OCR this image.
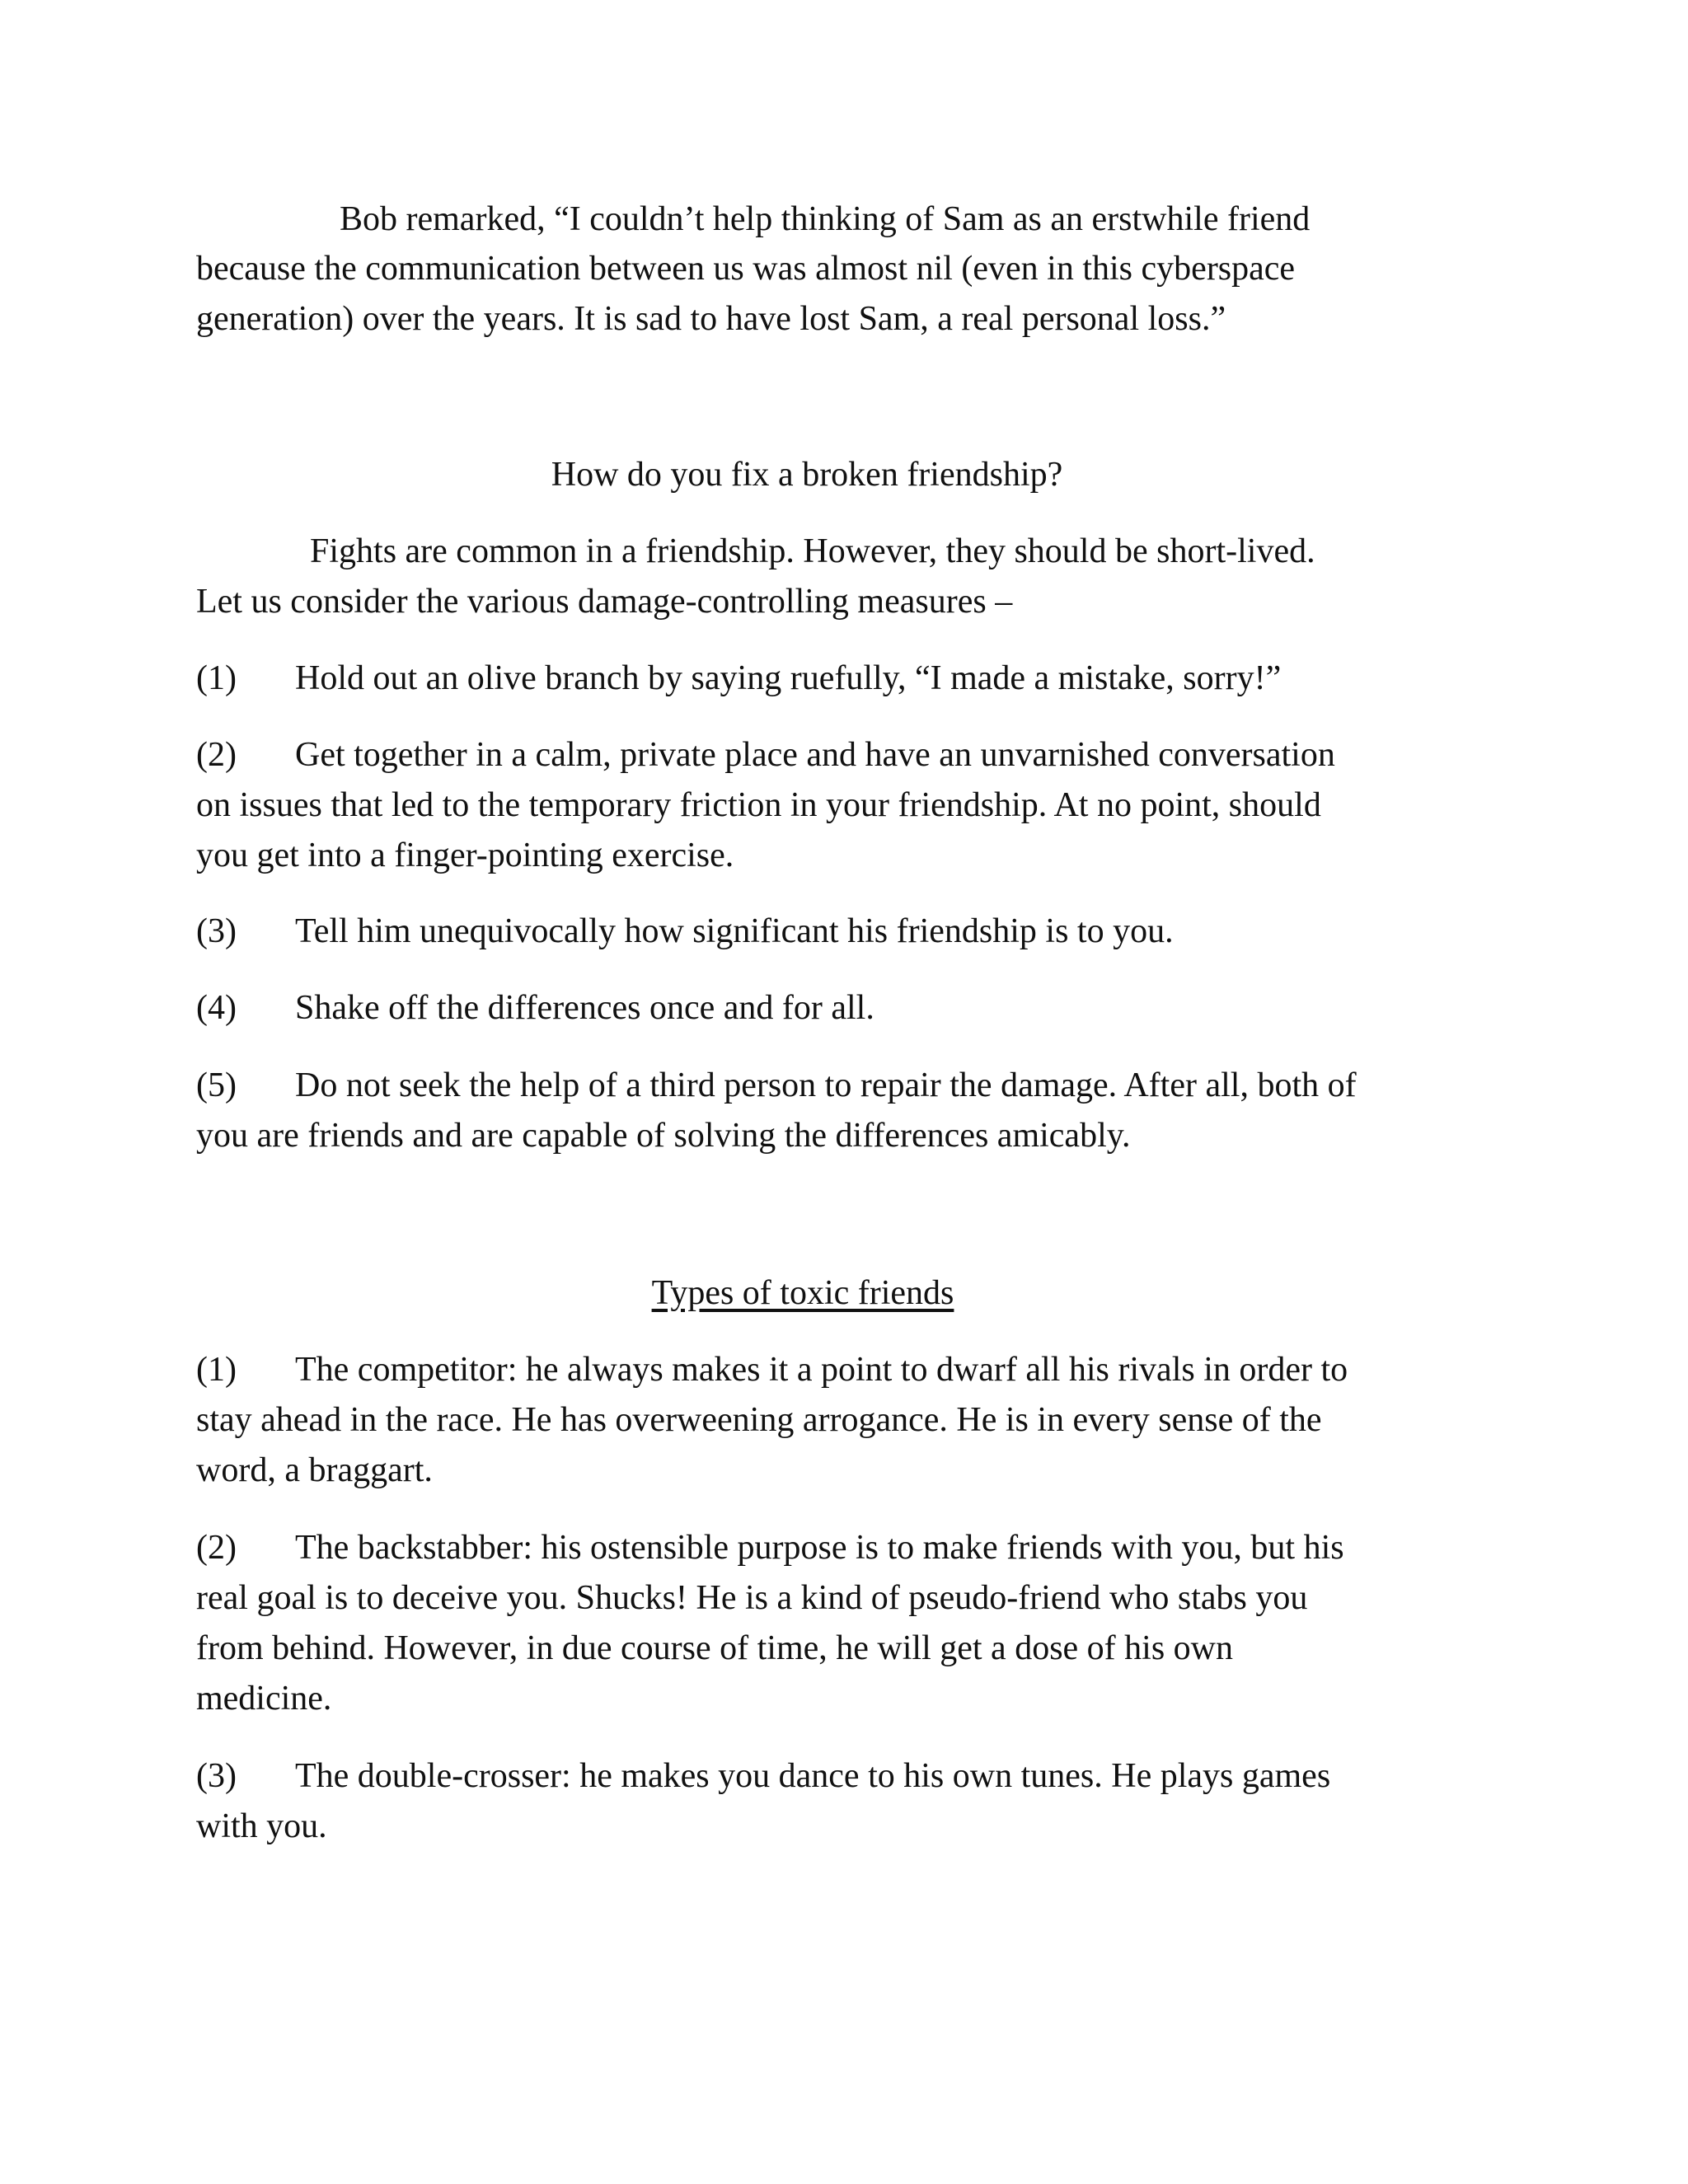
Bob remarked, “I couldn’t help thinking of Sam as an erstwhile friend

because the communication between us was almost nil (even in this cyberspace

generation) over the years. It is sad to have lost Sam, a real personal loss.”

How do you fix a broken friendship?

Fights are common in a friendship. However, they should be short-lived.

Let us consider the various damage-controlling measures –

(1) Hold out an olive branch by saying ruefully, “I made a mistake, sorry!”

(2) Get together in a calm, private place and have an unvarnished conversation

on issues that led to the temporary friction in your friendship. At no point, should

you get into a finger-pointing exercise.

(3) Tell him unequivocally how significant his friendship is to you.

(4) Shake off the differences once and for all.

(5) Do not seek the help of a third person to repair the damage. After all, both of

you are friends and are capable of solving the differences amicably.

Types of toxic friends

(1) The competitor: he always makes it a point to dwarf all his rivals in order to

stay ahead in the race. He has overweening arrogance. He is in every sense of the

word, a braggart.

(2) The backstabber: his ostensible purpose is to make friends with you, but his

real goal is to deceive you. Shucks! He is a kind of pseudo-friend who stabs you

from behind. However, in due course of time, he will get a dose of his own

medicine.

(3) The double-crosser: he makes you dance to his own tunes. He plays games

with you.
